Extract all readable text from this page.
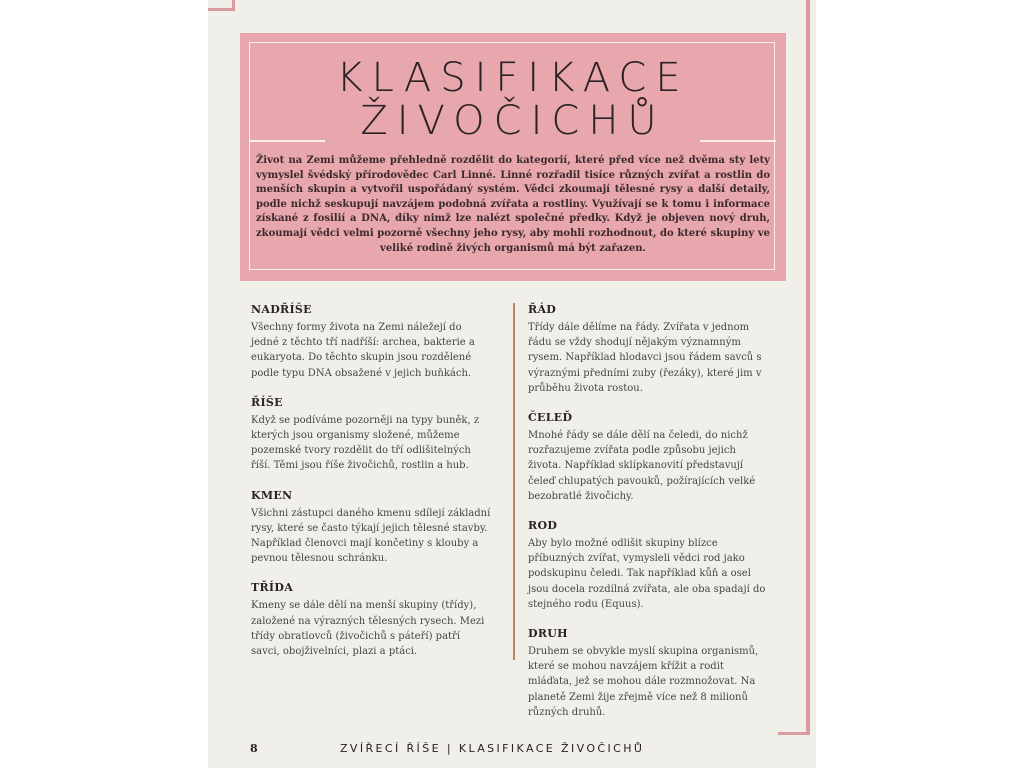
KLASIFIKACE
ŽIVOČICHŮ
Život na Zemi můžeme přehledně rozdělit do kategorií, které před více než dvěma sty lety vymyslel švédský přírodovědec Carl Linné. Linné rozřadil tisíce různých zvířat a rostlin do menších skupin a vytvořil uspořádaný systém. Vědci zkoumají tělesné rysy a další detaily, podle nichž seskupují navzájem podobná zvířata a rostliny. Využívají se k tomu i informace získané z fosilií a DNA, díky nimž lze nalézt společné předky. Když je objeven nový druh, zkoumají vědci velmi pozorně všechny jeho rysy, aby mohli rozhodnout, do které skupiny ve veliké rodině živých organismů má být zařazen.
NADŘÍŠE
Všechny formy života na Zemi náležejí do jedné z těchto tří nadříší: archea, bakterie a eukaryota. Do těchto skupin jsou rozdělené podle typu DNA obsažené v jejich buňkách.
ŘÍŠE
Když se podíváme pozorněji na typy buněk, z kterých jsou organismy složené, můžeme pozemské tvory rozdělit do tří odlišitelných říší. Těmi jsou říše živočichů, rostlin a hub.
KMEN
Všichni zástupci daného kmenu sdílejí základní rysy, které se často týkají jejich tělesné stavby. Například členovci mají končetiny s klouby a pevnou tělesnou schránku.
TŘÍDA
Kmeny se dále dělí na menší skupiny (třídy), založené na výrazných tělesných rysech. Mezi třídy obratlovců (živočichů s páteří) patří savci, obojživelníci, plazi a ptáci.
ŘÁD
Třídy dále dělíme na řády. Zvířata v jednom řádu se vždy shodují nějakým významným rysem. Například hlodavci jsou řádem savců s výraznými předními zuby (řezáky), které jim v průběhu života rostou.
ČELEĎ
Mnohé řády se dále dělí na čeledi, do nichž rozřazujeme zvířata podle způsobu jejich života. Například sklípkanovití představují čeleď chlupatých pavouků, požírajících velké bezobratlé živočichy.
ROD
Aby bylo možné odlišit skupiny blízce příbuzných zvířat, vymysleli vědci rod jako podskupinu čeledi. Tak například kůň a osel jsou docela rozdílná zvířata, ale oba spadají do stejného rodu (Equus).
DRUH
Druhem se obvykle myslí skupina organismů, které se mohou navzájem křížit a rodit mláďata, jež se mohou dále rozmnožovat. Na planetě Zemi žije zřejmě více než 8 milionů různých druhů.
8	ZVÍŘECÍ ŘÍŠE | KLASIFIKACE ŽIVOČICHŮ
